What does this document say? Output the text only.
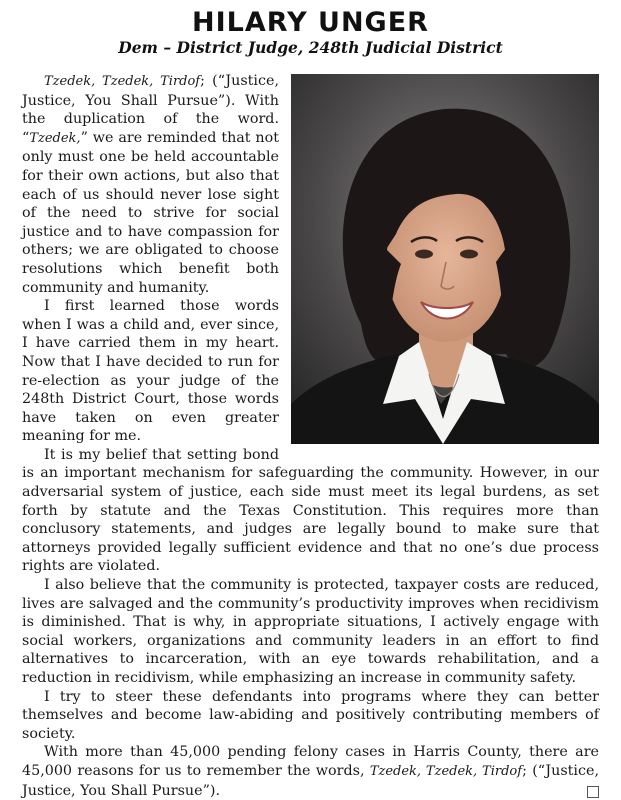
HILARY UNGER

Dem – District Judge, 248th Judicial District

Tzedek, Tzedek, Tirdof; (“Justice, Justice, You Shall Pursue”). With the duplication of the word. “Tzedek,” we are reminded that not only must one be held accountable for their own actions, but also that each of us should never lose sight of the need to strive for social justice and to have compassion for others; we are obligated to choose resolutions which benefit both community and humanity.

I first learned those words when I was a child and, ever since, I have carried them in my heart. Now that I have decided to run for re-election as your judge of the 248th District Court, those words have taken on even greater meaning for me.

It is my belief that setting bond is an important mechanism for safeguarding the community. However, in our adversarial system of justice, each side must meet its legal burdens, as set forth by statute and the Texas Constitution. This requires more than conclusory statements, and judges are legally bound to make sure that attorneys provided legally sufficient evidence and that no one’s due process rights are violated.

I also believe that the community is protected, taxpayer costs are reduced, lives are salvaged and the community’s productivity improves when recidivism is diminished. That is why, in appropriate situations, I actively engage with social workers, organizations and community leaders in an effort to find alternatives to incarceration, with an eye towards rehabilitation, and a reduction in recidivism, while emphasizing an increase in community safety.

I try to steer these defendants into programs where they can better themselves and become law-abiding and positively contributing members of society.

With more than 45,000 pending felony cases in Harris County, there are 45,000 reasons for us to remember the words, Tzedek, Tzedek, Tirdof; (“Justice, Justice, You Shall Pursue”).
